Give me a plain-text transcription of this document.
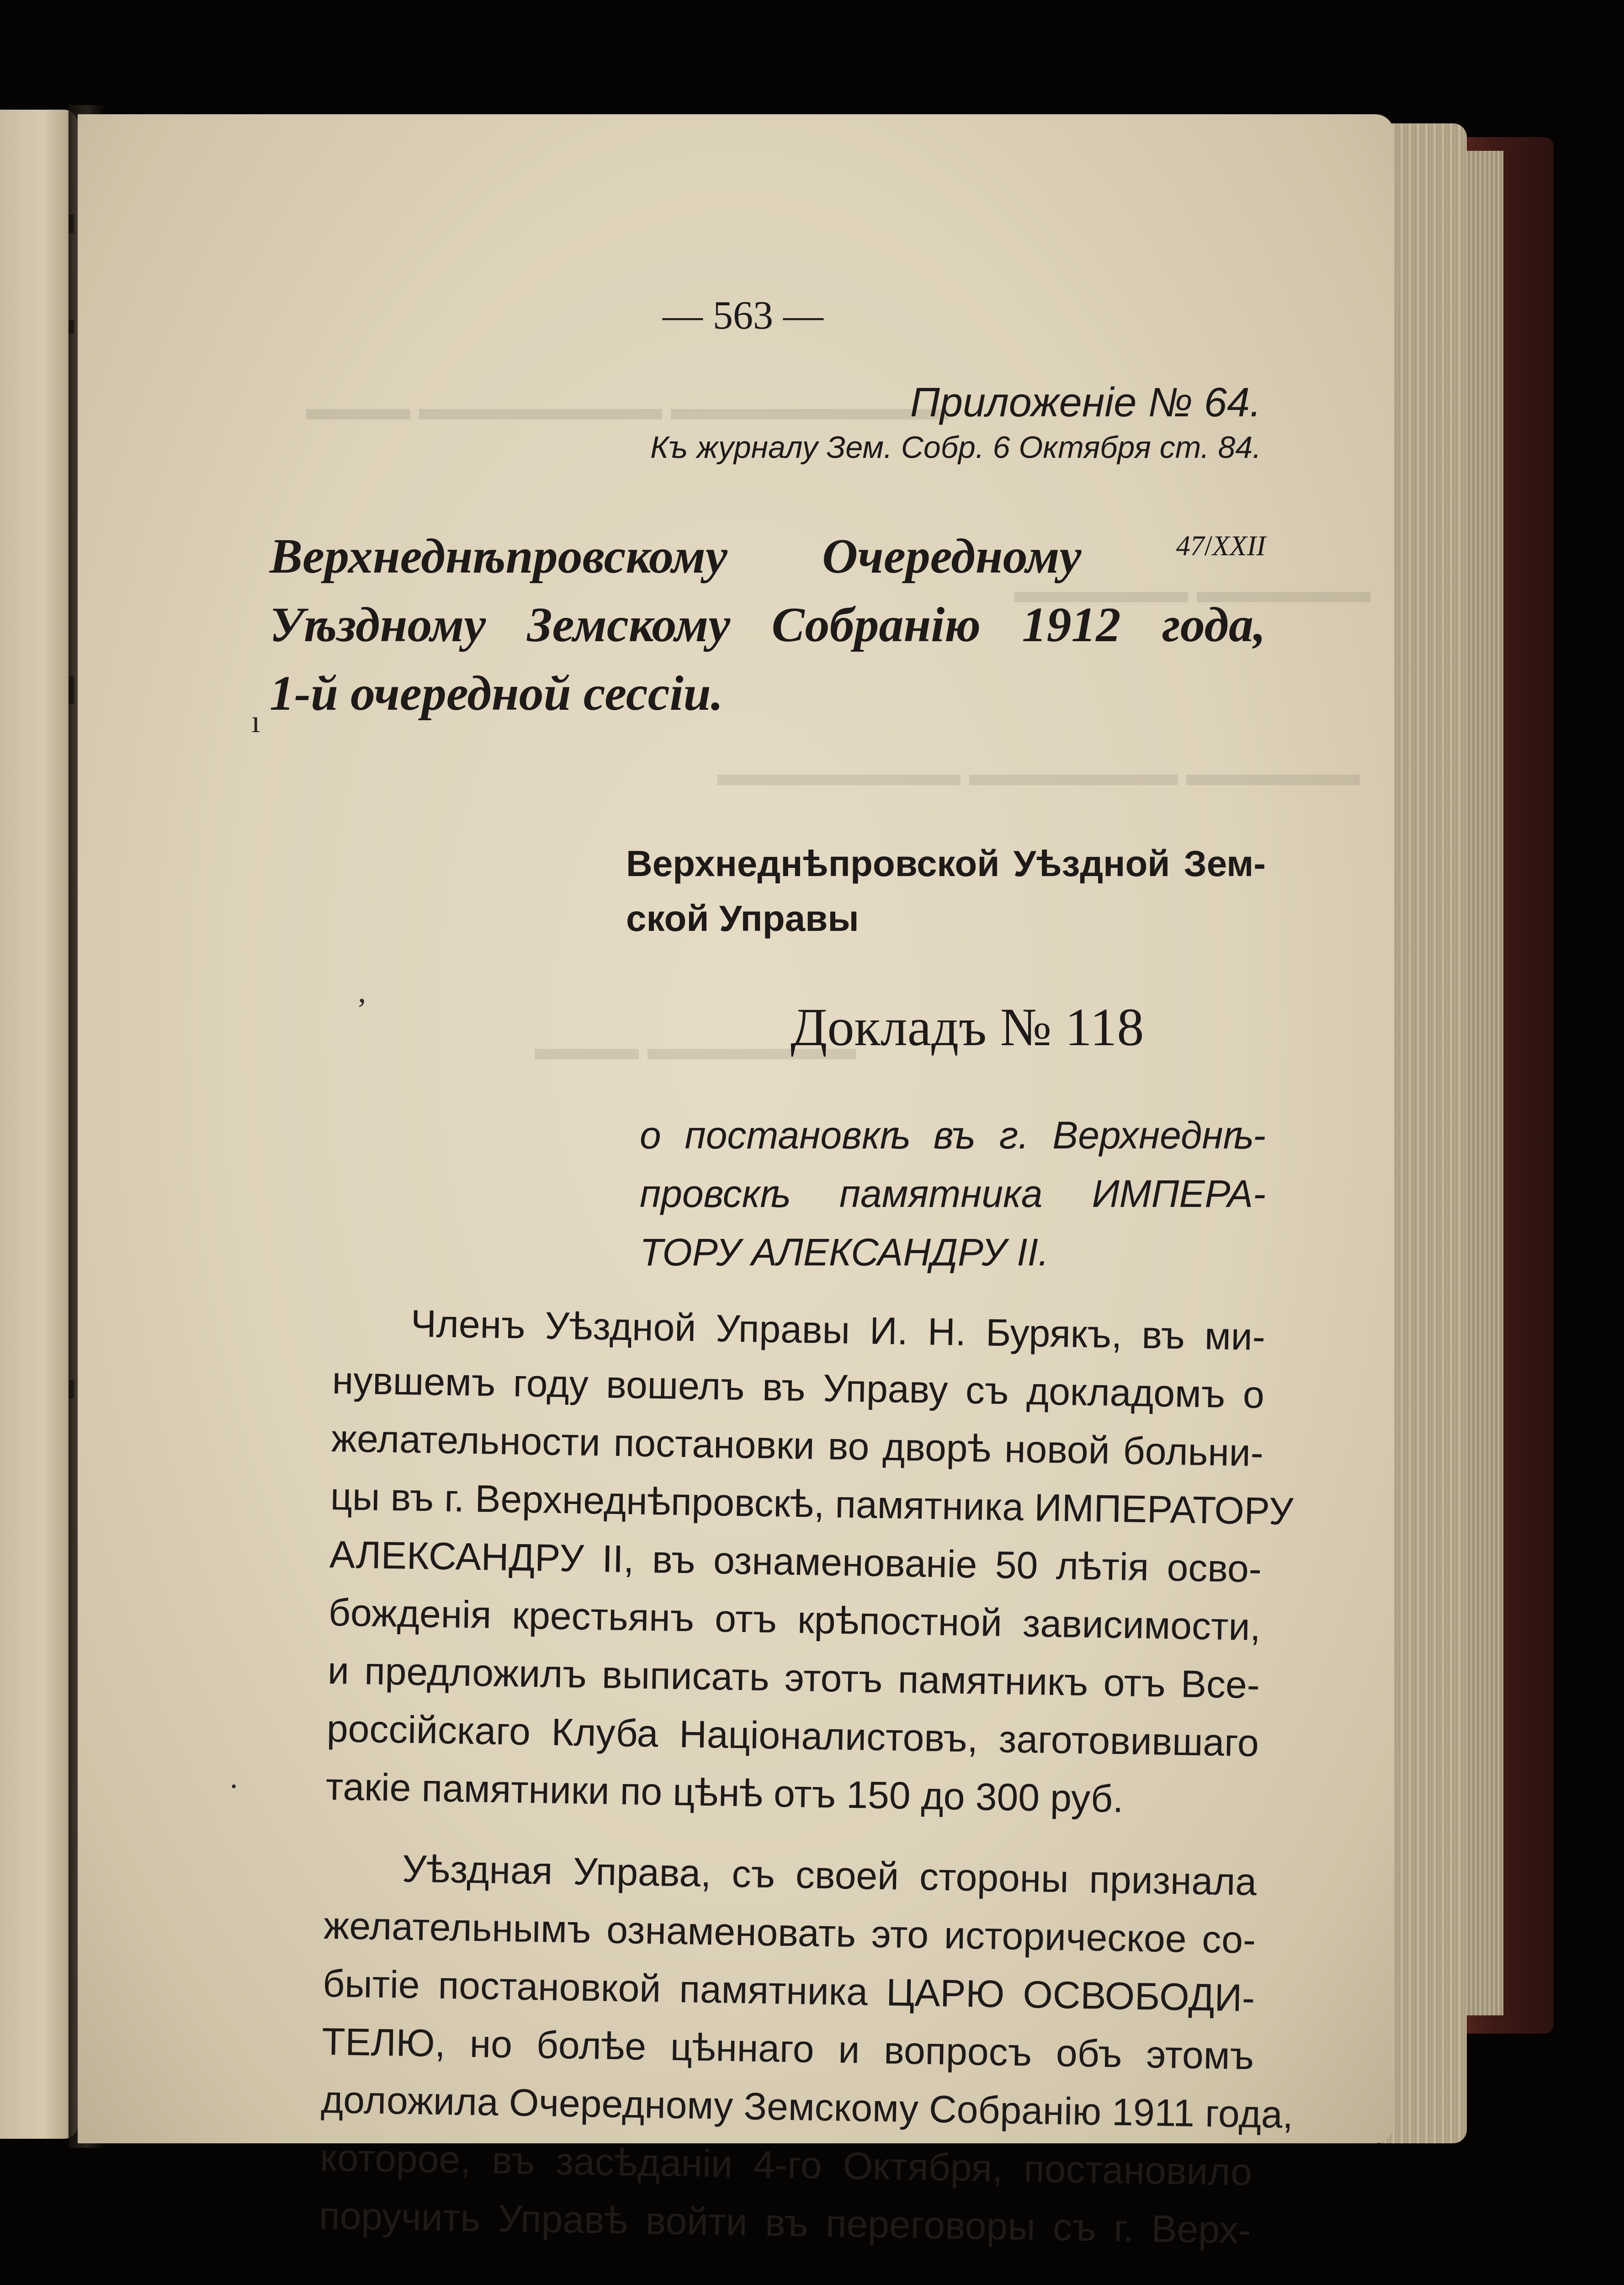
▬▬▬ ▬▬▬▬▬▬▬ ▬▬▬▬▬▬▬▬
▬▬▬▬▬ ▬▬▬▬▬
▬▬▬▬▬▬▬ ▬▬▬▬▬▬ ▬▬▬▬▬
▬▬▬ ▬▬▬▬▬▬
— 563 —
Приложенiе № 64.
Къ журналу Зем. Собр. 6 Октября ст. 84.
ı
Верхнеднѣпровскому Очередному	$^{47/XXII}$
Уѣздному Земскому Собранiю 1912 года,
1-й очередной сессiи.
Верхнеднѣпровской Уѣздной Зем-
ской Управы
’	Докладъ № 118
о постановкѣ въ г. Верхнеднѣ-
провскѣ памятника ИМПЕРА-
ТОРУ АЛЕКСАНДРУ II.
Членъ Уѣздной Управы И. Н. Бурякъ, въ ми-
нувшемъ году вошелъ въ Управу съ докладомъ о
желательности постановки во дворѣ новой больни-
цы въ г. Верхнеднѣпровскѣ, памятника ИМПЕРАТОРУ
АЛЕКСАНДРУ II, въ ознаменованiе 50 лѣтiя осво-
божденiя крестьянъ отъ крѣпостной зависимости,
и предложилъ выписать этотъ памятникъ отъ Все-
россiйскаго Клуба Нацiоналистовъ, заготовившаго
такiе памятники по цѣнѣ отъ 150 до 300 руб.
Уѣздная Управа, съ своей стороны признала
желательнымъ ознаменовать это историческое со-
бытiе постановкой памятника ЦАРЮ ОСВОБОДИ-
ТЕЛЮ, но болѣе цѣннаго и вопросъ объ этомъ
доложила Очередному Земскому Собранiю 1911 года,
которое, въ засѣданiи 4-го Октября, постановило
поручить Управѣ войти въ переговоры съ г. Верх-
·
